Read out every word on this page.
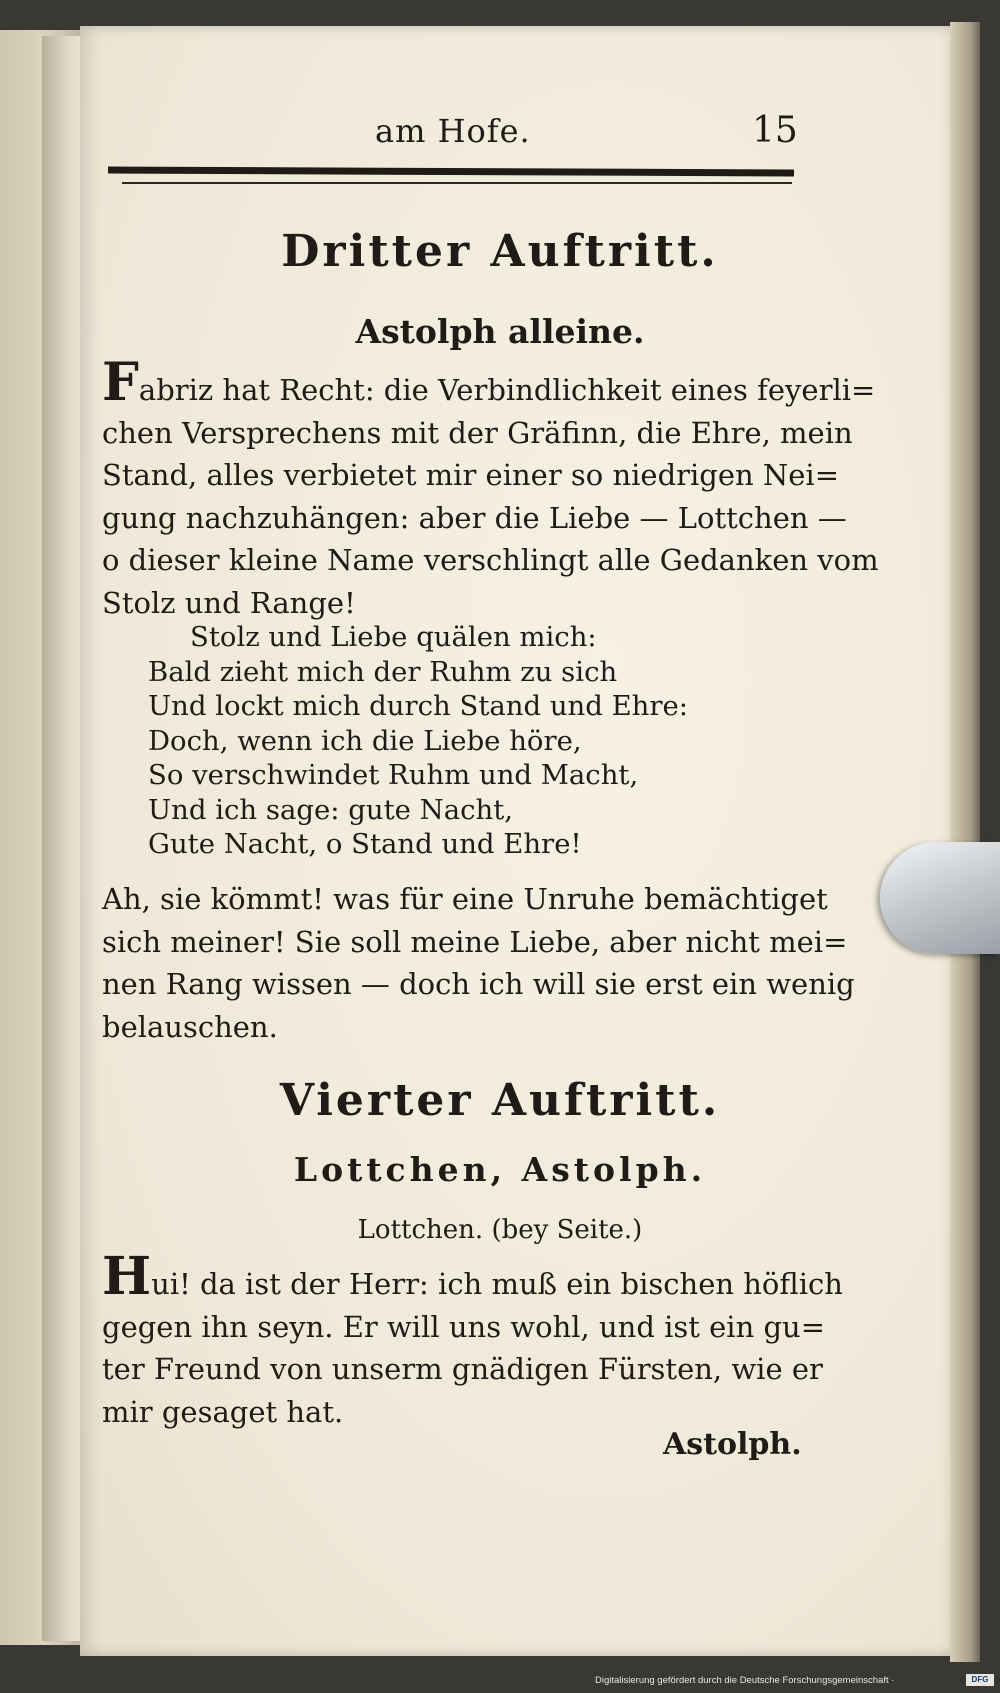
am Hofe.	15
Dritter Auftritt.
Astolph alleine.
Fabriz hat Recht: die Verbindlichkeit eines feyerli=
chen Versprechens mit der Gräfinn, die Ehre, mein
Stand, alles verbietet mir einer so niedrigen Nei=
gung nachzuhängen: aber die Liebe — Lottchen —
o dieser kleine Name verschlingt alle Gedanken vom
Stolz und Range!
Stolz und Liebe quälen mich:
Bald zieht mich der Ruhm zu sich
Und lockt mich durch Stand und Ehre:
Doch, wenn ich die Liebe höre,
So verschwindet Ruhm und Macht,
Und ich sage: gute Nacht,
Gute Nacht, o Stand und Ehre!
Ah, sie kömmt! was für eine Unruhe bemächtiget
sich meiner! Sie soll meine Liebe, aber nicht mei=
nen Rang wissen — doch ich will sie erst ein wenig
belauschen.
Vierter Auftritt.
Lottchen, Astolph.
Lottchen. (bey Seite.)
Hui! da ist der Herr: ich muß ein bischen höflich
gegen ihn seyn. Er will uns wohl, und ist ein gu=
ter Freund von unserm gnädigen Fürsten, wie er
mir gesaget hat.
Astolph.
Digitalisierung gefördert durch die Deutsche Forschungsgemeinschaft ·	DFG
